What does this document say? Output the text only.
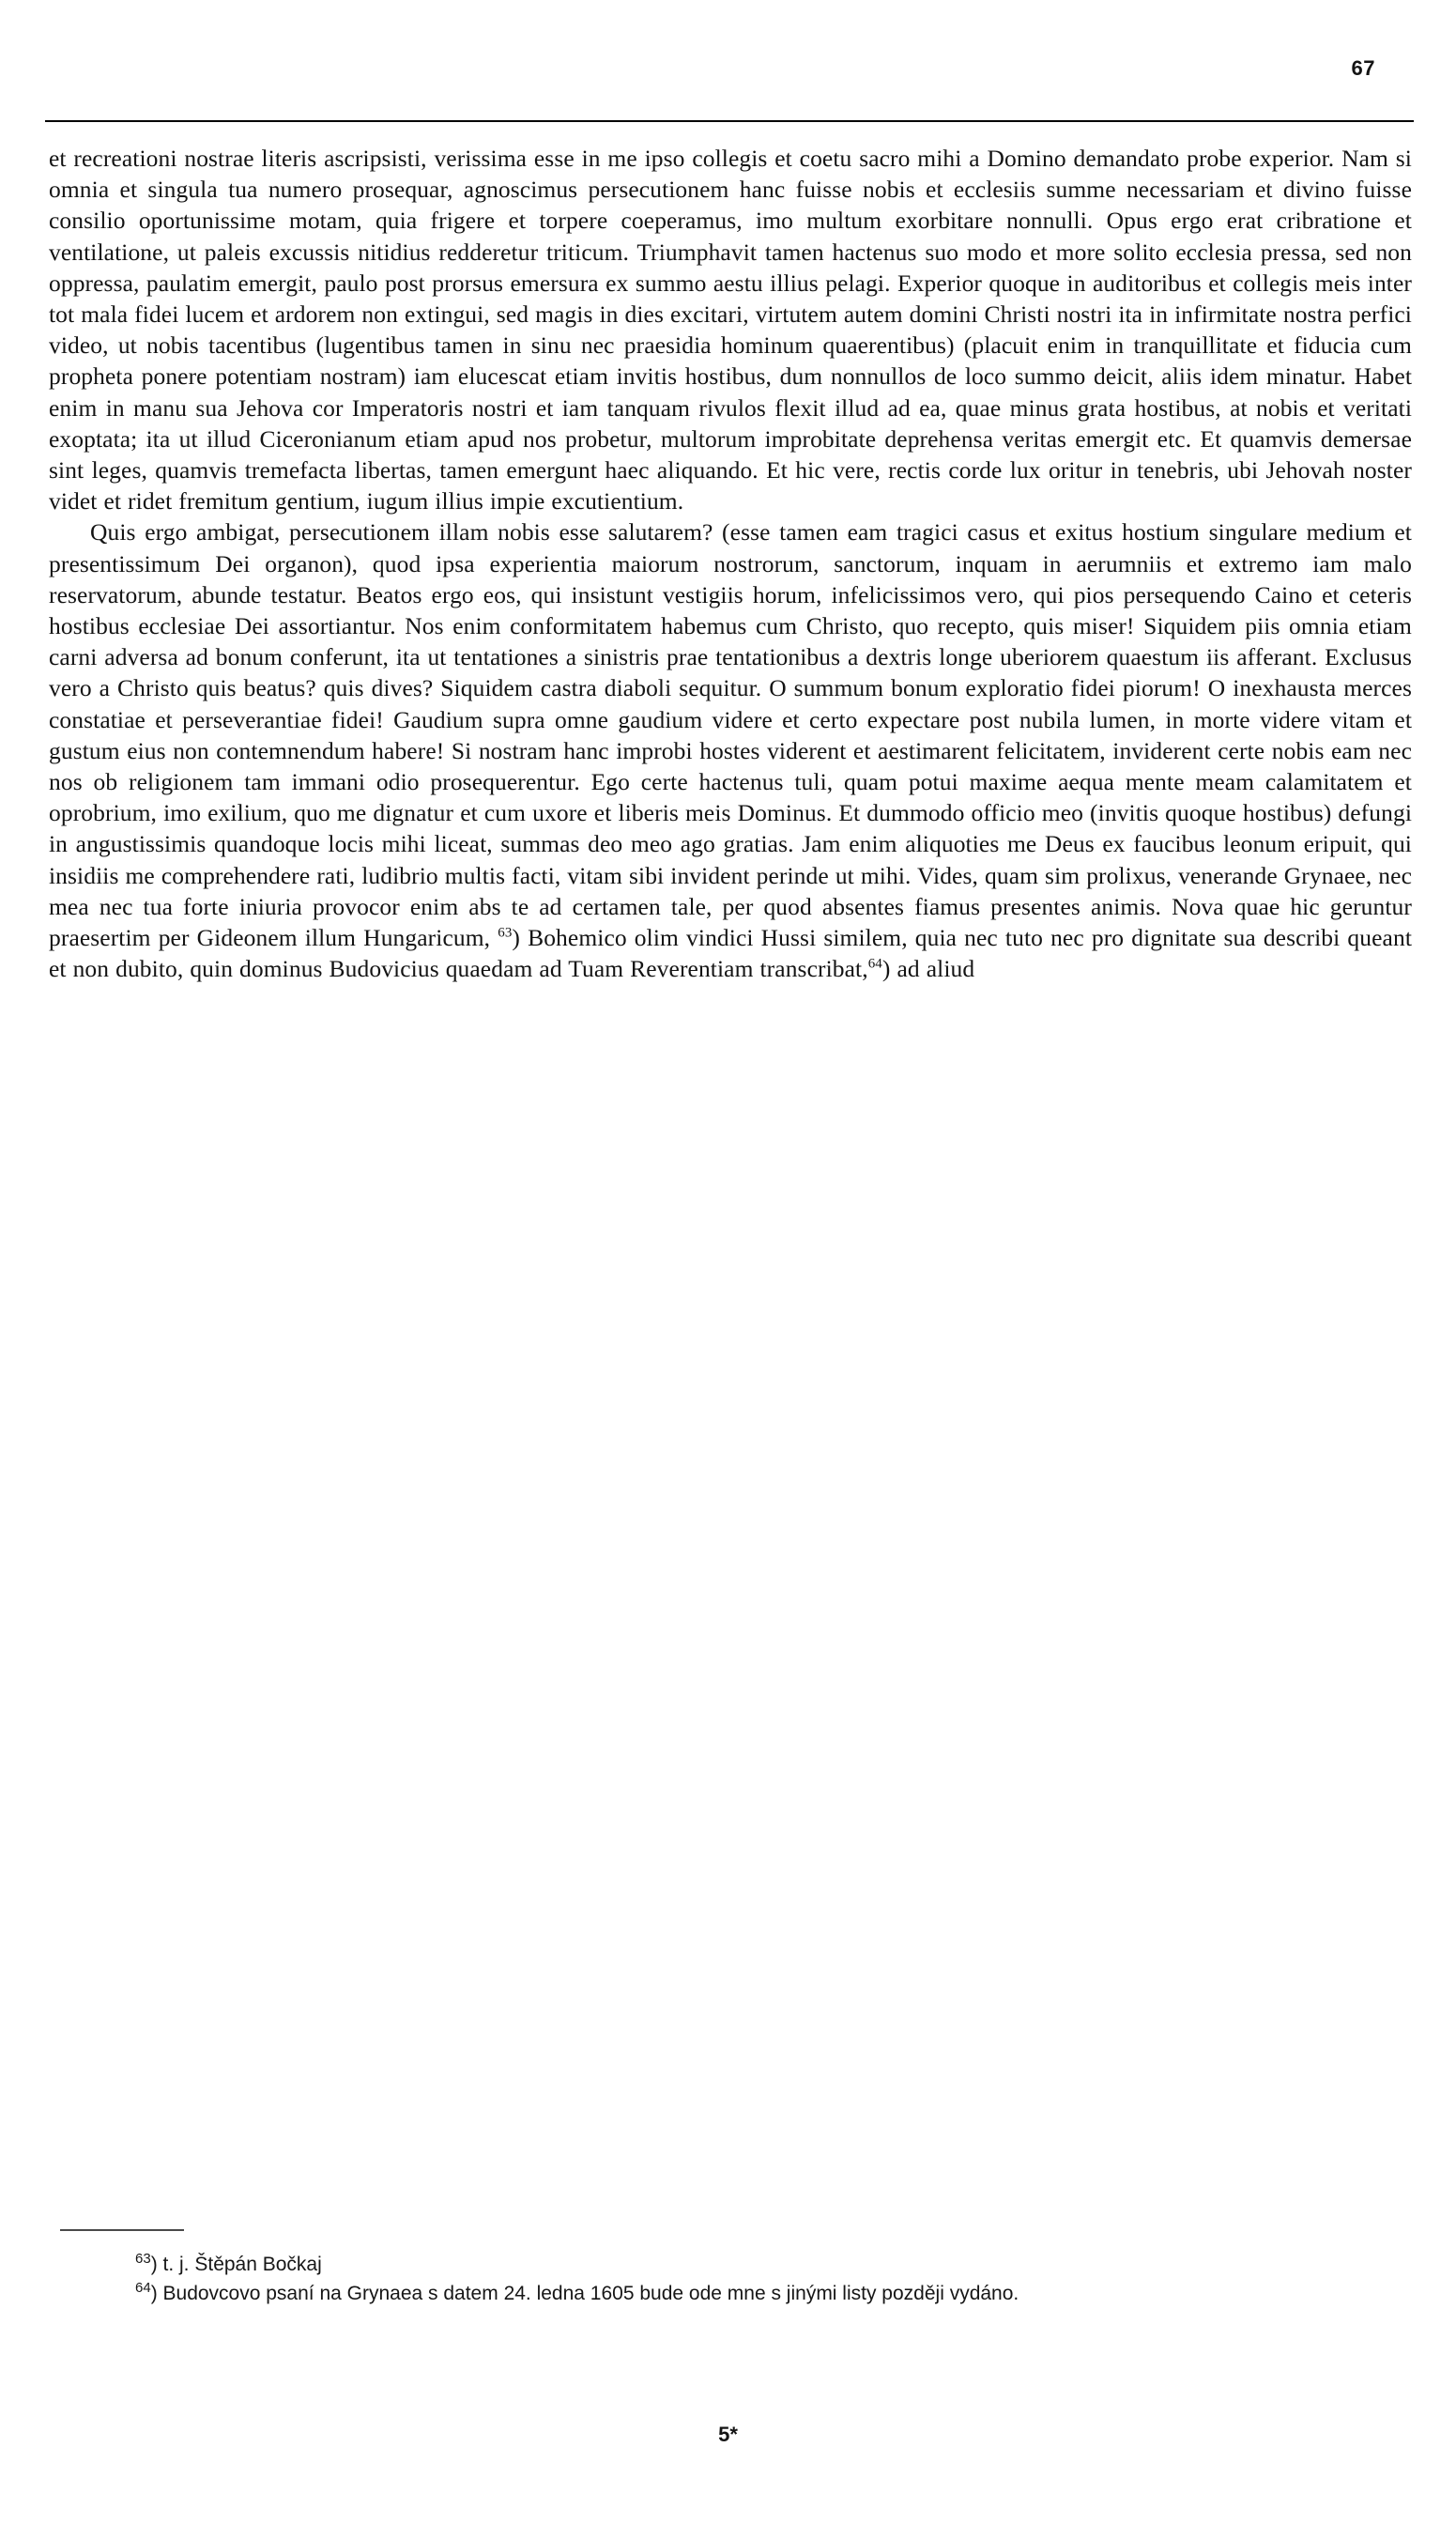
67

et recreationi nostrae literis ascripsisti, verissima esse in me ipso collegis et coetu sacro mihi a Domino demandato probe experior. Nam si omnia et singula tua numero prosequar, agnoscimus persecutionem hanc fuisse nobis et ecclesiis summe necessariam et divino fuisse consilio oportunissime motam, quia frigere et torpere coeperamus, imo multum exorbitare nonnulli. Opus ergo erat cribratione et ventilatione, ut paleis excussis nitidius redderetur triticum. Triumphavit tamen hactenus suo modo et more solito ecclesia pressa, sed non oppressa, paulatim emergit, paulo post prorsus emersura ex summo aestu illius pelagi. Experior quoque in auditoribus et collegis meis inter tot mala fidei lucem et ardorem non extingui, sed magis in dies excitari, virtutem autem domini Christi nostri ita in infirmitate nostra perfici video, ut nobis tacentibus (lugentibus tamen in sinu nec praesidia hominum quaerentibus) (placuit enim in tranquillitate et fiducia cum propheta ponere potentiam nostram) iam elucescat etiam invitis hostibus, dum nonnullos de loco summo deicit, aliis idem minatur. Habet enim in manu sua Jehova cor Imperatoris nostri et iam tanquam rivulos flexit illud ad ea, quae minus grata hostibus, at nobis et veritati exoptata; ita ut illud Ciceronianum etiam apud nos probetur, multorum improbitate deprehensa veritas emergit etc. Et quamvis demersae sint leges, quamvis tremefacta libertas, tamen emergunt haec aliquando. Et hic vere, rectis corde lux oritur in tenebris, ubi Jehovah noster videt et ridet fremitum gentium, iugum illius impie excutientium.

Quis ergo ambigat, persecutionem illam nobis esse salutarem? (esse tamen eam tragici casus et exitus hostium singulare medium et presentissimum Dei organon), quod ipsa experientia maiorum nostrorum, sanctorum, inquam in aerumniis et extremo iam malo reservatorum, abunde testatur. Beatos ergo eos, qui insistunt vestigiis horum, infelicissimos vero, qui pios persequendo Caino et ceteris hostibus ecclesiae Dei assortiantur. Nos enim conformitatem habemus cum Christo, quo recepto, quis miser! Siquidem piis omnia etiam carni adversa ad bonum conferunt, ita ut tentationes a sinistris prae tentationibus a dextris longe uberiorem quaestum iis afferant. Exclusus vero a Christo quis beatus? quis dives? Siquidem castra diaboli sequitur. O summum bonum exploratio fidei piorum! O inexhausta merces constatiae et perseverantiae fidei! Gaudium supra omne gaudium videre et certo expectare post nubila lumen, in morte videre vitam et gustum eius non contemnendum habere! Si nostram hanc improbi hostes viderent et aestimarent felicitatem, inviderent certe nobis eam nec nos ob religionem tam immani odio prosequerentur. Ego certe hactenus tuli, quam potui maxime aequa mente meam calamitatem et oprobrium, imo exilium, quo me dignatur et cum uxore et liberis meis Dominus. Et dummodo officio meo (invitis quoque hostibus) defungi in angustissimis quandoque locis mihi liceat, summas deo meo ago gratias. Jam enim aliquoties me Deus ex faucibus leonum eripuit, qui insidiis me comprehendere rati, ludibrio multis facti, vitam sibi invident perinde ut mihi. Vides, quam sim prolixus, venerande Grynaee, nec mea nec tua forte iniuria provocor enim abs te ad certamen tale, per quod absentes fiamus presentes animis. Nova quae hic geruntur praesertim per Gideonem illum Hungaricum, $^{63}$) Bohemico olim vindici Hussi similem, quia nec tuto nec pro dignitate sua describi queant et non dubito, quin dominus Budovicius quaedam ad Tuam Reverentiam transcribat,$^{64}$) ad aliud

$^{63}$) t. j. Štěpán Bočkaj

$^{64}$) Budovcovo psaní na Grynaea s datem 24. ledna 1605 bude ode mne s jinými listy později vydáno.

5*
